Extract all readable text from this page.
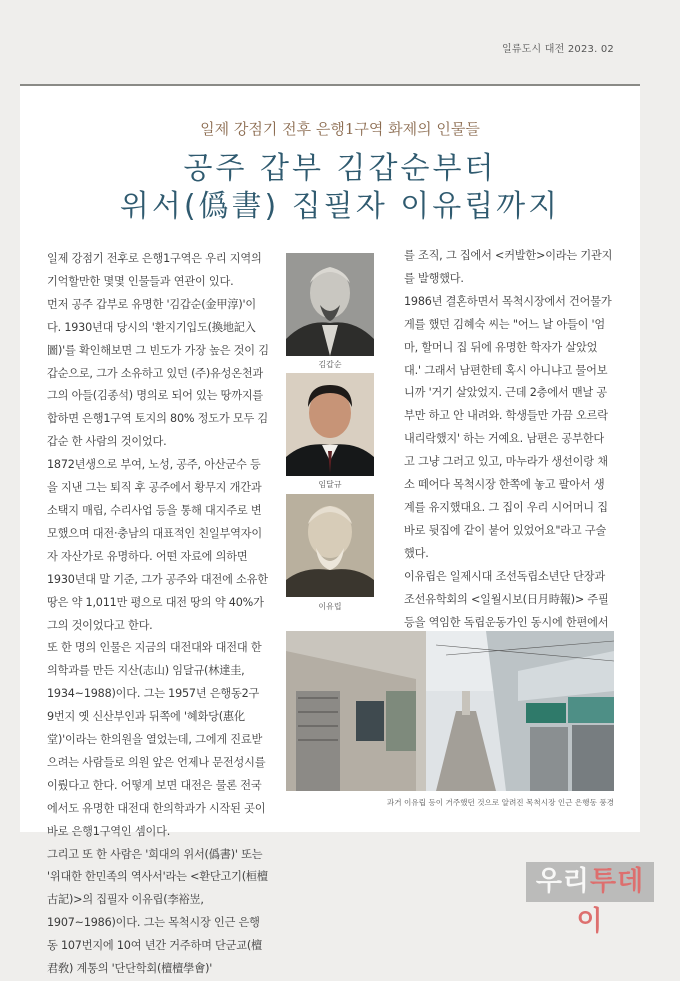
일류도시 대전 2023. 02
일제 강점기 전후 은행1구역 화제의 인물들
공주 갑부 김갑순부터
위서(僞書) 집필자 이유립까지

일제 강점기 전후로 은행1구역은 우리 지역의 기억할만한 몇몇 인물들과 연관이 있다.

먼저 공주 갑부로 유명한 '김갑순(金甲淳)'이다. 1930년대 당시의 '환지기입도(換地記入圖)'를 확인해보면 그 빈도가 가장 높은 것이 김갑순으로, 그가 소유하고 있던 (주)유성온천과 그의 아들(김종석) 명의로 되어 있는 땅까지를 합하면 은행1구역 토지의 80% 정도가 모두 김갑순 한 사람의 것이었다.

1872년생으로 부여, 노성, 공주, 아산군수 등을 지낸 그는 퇴직 후 공주에서 황무지 개간과 소택지 매립, 수리사업 등을 통해 대지주로 변모했으며 대전·충남의 대표적인 친일부역자이자 자산가로 유명하다. 어떤 자료에 의하면 1930년대 말 기준, 그가 공주와 대전에 소유한 땅은 약 1,011만 평으로 대전 땅의 약 40%가 그의 것이었다고 한다.

또 한 명의 인물은 지금의 대전대와 대전대 한의학과를 만든 지산(志山) 임달규(林達圭, 1934~1988)이다. 그는 1957년 은행동2구 9번지 옛 신산부인과 뒤쪽에 '혜화당(惠化堂)'이라는 한의원을 열었는데, 그에게 진료받으려는 사람들로 의원 앞은 언제나 문전성시를 이뤘다고 한다. 어떻게 보면 대전은 물론 전국에서도 유명한 대전대 한의학과가 시작된 곳이 바로 은행1구역인 셈이다.

그리고 또 한 사람은 '희대의 위서(僞書)' 또는 '위대한 한민족의 역사서'라는 <환단고기(桓檀古記)>의 집필자 이유립(李裕岦, 1907~1986)이다. 그는 목척시장 인근 은행동 107번지에 10여 년간 거주하며 단군교(檀君敎) 계통의 '단단학회(檀檀學會)'

김갑순
임달규
이유립

를 조직, 그 집에서 <커발한>이라는 기관지를 발행했다.

1986년 결혼하면서 목척시장에서 건어물가게를 했던 김혜숙 씨는 "어느 날 아들이 '엄마, 할머니 집 뒤에 유명한 학자가 살았었대.' 그래서 남편한테 혹시 아니냐고 물어보니까 '거기 살았었지. 근데 2층에서 맨날 공부만 하고 안 내려와. 학생들만 가끔 오르락내리락했지' 하는 거예요. 남편은 공부한다고 그냥 그러고 있고, 마누라가 생선이랑 채소 떼어다 목척시장 한쪽에 놓고 팔아서 생계를 유지했대요. 그 집이 우리 시어머니 집 바로 뒷집에 같이 붙어 있었어요"라고 구술했다.

이유립은 일제시대 조선독립소년단 단장과 조선유학회의 <일월시보(日月時報)> 주필 등을 역임한 독립운동가인 동시에 한편에서

과거 이유립 등이 거주했던 것으로 알려진 목척시장 인근 은행동 풍경
우리투데이
